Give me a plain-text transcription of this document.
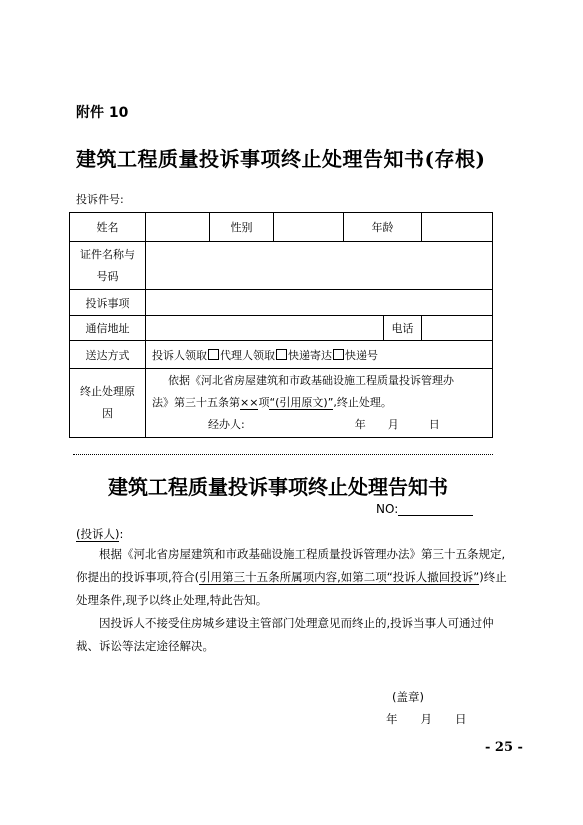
附件 10
建筑工程质量投诉事项终止处理告知书(存根)
投诉件号:
姓名		性别		年龄		
证件名称与
号码						
投诉事项						
通信地址					电话	
送达方式	投诉人领取 代理人领取 快递寄达 快递号					
终止处理原因	依据《河北省房屋建筑和市政基础设施工程质量投诉管理办
法》第三十五条第××项“(引用原文)”,终止处理。
经办人: 年 月 日					
建筑工程质量投诉事项终止处理告知书
NO:
(投诉人):
根据《河北省房屋建筑和市政基础设施工程质量投诉管理办法》第三十五条规定,你提出的投诉事项,符合(引用第三十五条所属项内容,如第二项“投诉人撤回投诉”)终止处理条件,现予以终止处理,特此告知。
因投诉人不接受住房城乡建设主管部门处理意见而终止的,投诉当事人可通过仲裁、诉讼等法定途径解决。
(盖章)
年　　月　　日
- 25 -
